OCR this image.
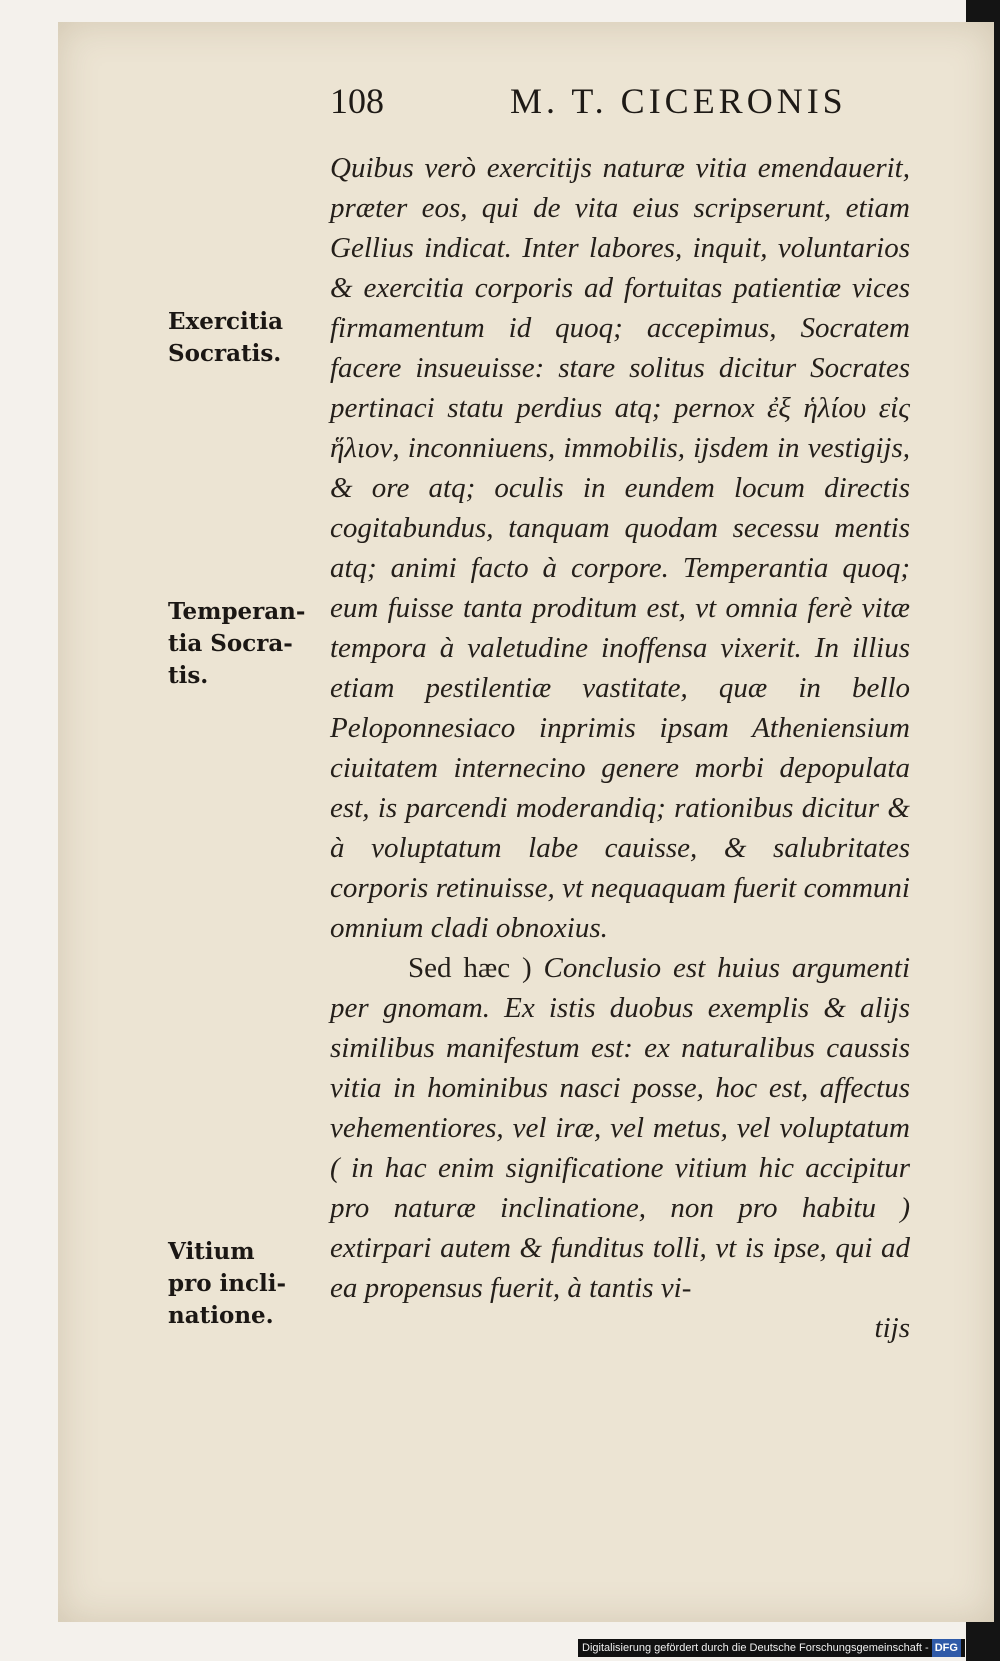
108	M. T. CICERONIS
Exercitia
Socratis.
Temperan-
tia Socra-
tis.
Vitium
pro incli-
natione.

Quibus verò exercitijs naturæ vitia emendauerit, præter eos, qui de vita eius scripserunt, etiam Gellius indicat. Inter labores, inquit, voluntarios & exercitia corporis ad fortuitas patientiæ vices firmamentum id quoq; accepimus, Socratem facere insueuisse: stare solitus dicitur Socrates pertinaci statu perdius atq; pernox ἐξ ἡλίου εἰς ἥλιον, inconniuens, immobilis, ijsdem in vestigijs, & ore atq; oculis in eundem locum directis cogitabundus, tanquam quodam secessu mentis atq; animi facto à corpore. Temperantia quoq; eum fuisse tanta proditum est, vt omnia ferè vitæ tempora à valetudine inoffensa vixerit. In illius etiam pestilentiæ vastitate, quæ in bello Peloponnesiaco inprimis ipsam Atheniensium ciuitatem internecino genere morbi depopulata est, is parcendi moderandiq; rationibus dicitur & à voluptatum labe cauisse, & salubritates corporis retinuisse, vt nequaquam fuerit communi omnium cladi obnoxius.

Sed hæc ) Conclusio est huius argumenti per gnomam. Ex istis duobus exemplis & alijs similibus manifestum est: ex naturalibus caussis vitia in hominibus nasci posse, hoc est, affectus vehementiores, vel iræ, vel metus, vel voluptatum ( in hac enim significatione vitium hic accipitur pro naturæ inclinatione, non pro habitu ) extirpari autem & funditus tolli, vt is ipse, qui ad ea propensus fuerit, à tantis vi-

tijs

Digitalisierung gefördert durch die Deutsche Forschungsgemeinschaft - DFG
